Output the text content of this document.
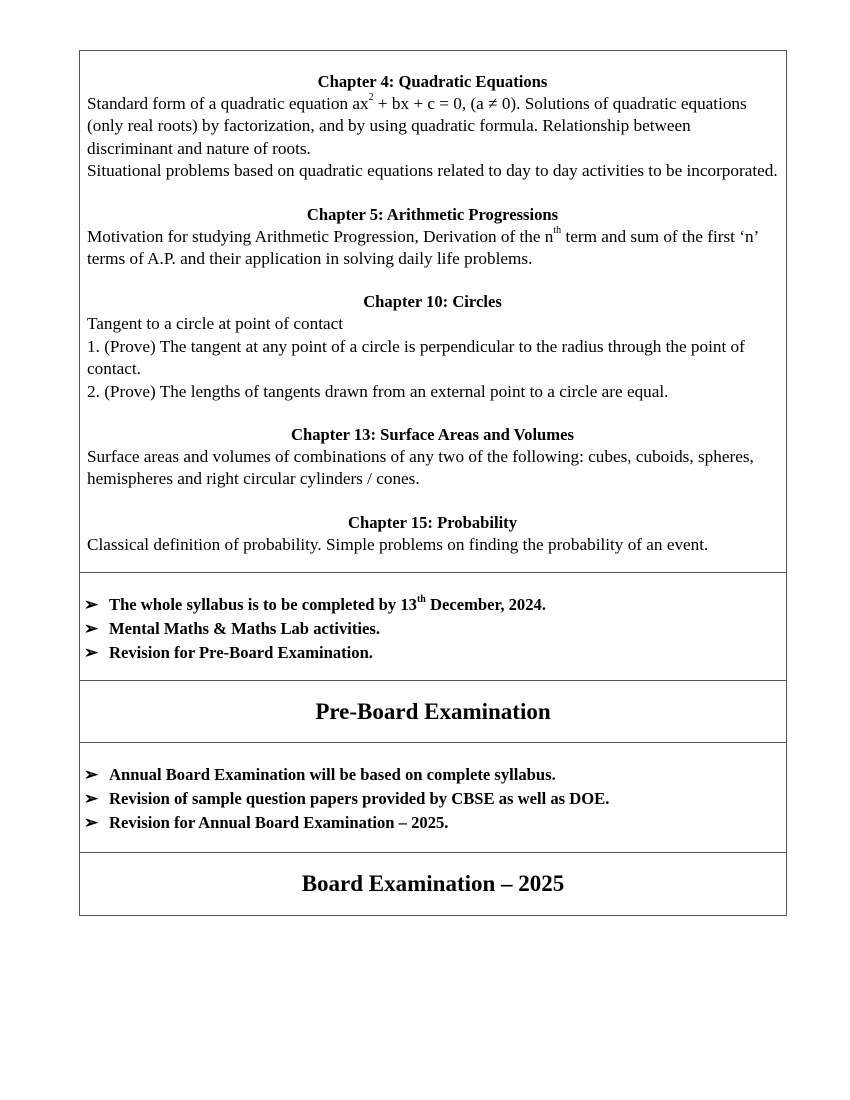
Chapter 4: Quadratic Equations

Standard form of a quadratic equation $ax^2$ + bx + c = 0, (a ≠ 0). Solutions of quadratic equations (only real roots) by factorization, and by using quadratic formula. Relationship between discriminant and nature of roots.

Situational problems based on quadratic equations related to day to day activities to be incorporated.

Chapter 5: Arithmetic Progressions

Motivation for studying Arithmetic Progression, Derivation of the $n^{th}$ term and sum of the first ‘n’ terms of A.P. and their application in solving daily life problems.

Chapter 10: Circles

Tangent to a circle at point of contact

1. (Prove) The tangent at any point of a circle is perpendicular to the radius through the point of contact.

2. (Prove) The lengths of tangents drawn from an external point to a circle are equal.

Chapter 13: Surface Areas and Volumes

Surface areas and volumes of combinations of any two of the following: cubes, cuboids, spheres, hemispheres and right circular cylinders / cones.

Chapter 15: Probability

Classical definition of probability. Simple problems on finding the probability of an event.

➢ The whole syllabus is to be completed by 13th December, 2024.
➢ Mental Maths & Maths Lab activities.
➢ Revision for Pre-Board Examination.
Pre-Board Examination
➢ Annual Board Examination will be based on complete syllabus.
➢ Revision of sample question papers provided by CBSE as well as DOE.
➢ Revision for Annual Board Examination – 2025.
Board Examination – 2025
